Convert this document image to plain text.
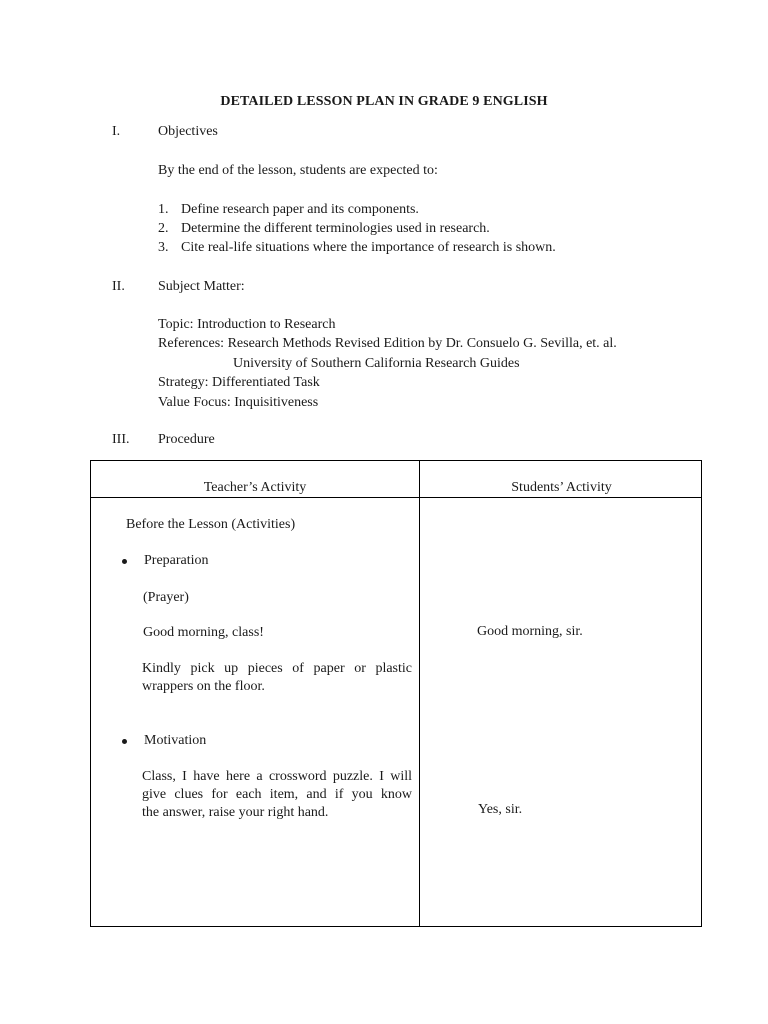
DETAILED LESSON PLAN IN GRADE 9 ENGLISH
I.	Objectives
By the end of the lesson, students are expected to:
1. Define research paper and its components.
2. Determine the different terminologies used in research.
3. Cite real-life situations where the importance of research is shown.
II. Subject Matter:
Topic: Introduction to Research
References: Research Methods Revised Edition by Dr. Consuelo G. Sevilla, et. al.
University of Southern California Research Guides
Strategy: Differentiated Task
Value Focus: Inquisitiveness
III. Procedure
Teacher’s Activity	Students’ Activity
Before the Lesson (Activities)
Preparation
(Prayer)
Good morning, class!
Kindly pick up pieces of paper or plastic
wrappers on the floor.
Motivation
Class, I have here a crossword puzzle. I will
give clues for each item, and if you know
the answer, raise your right hand.
Good morning, sir.
Yes, sir.
